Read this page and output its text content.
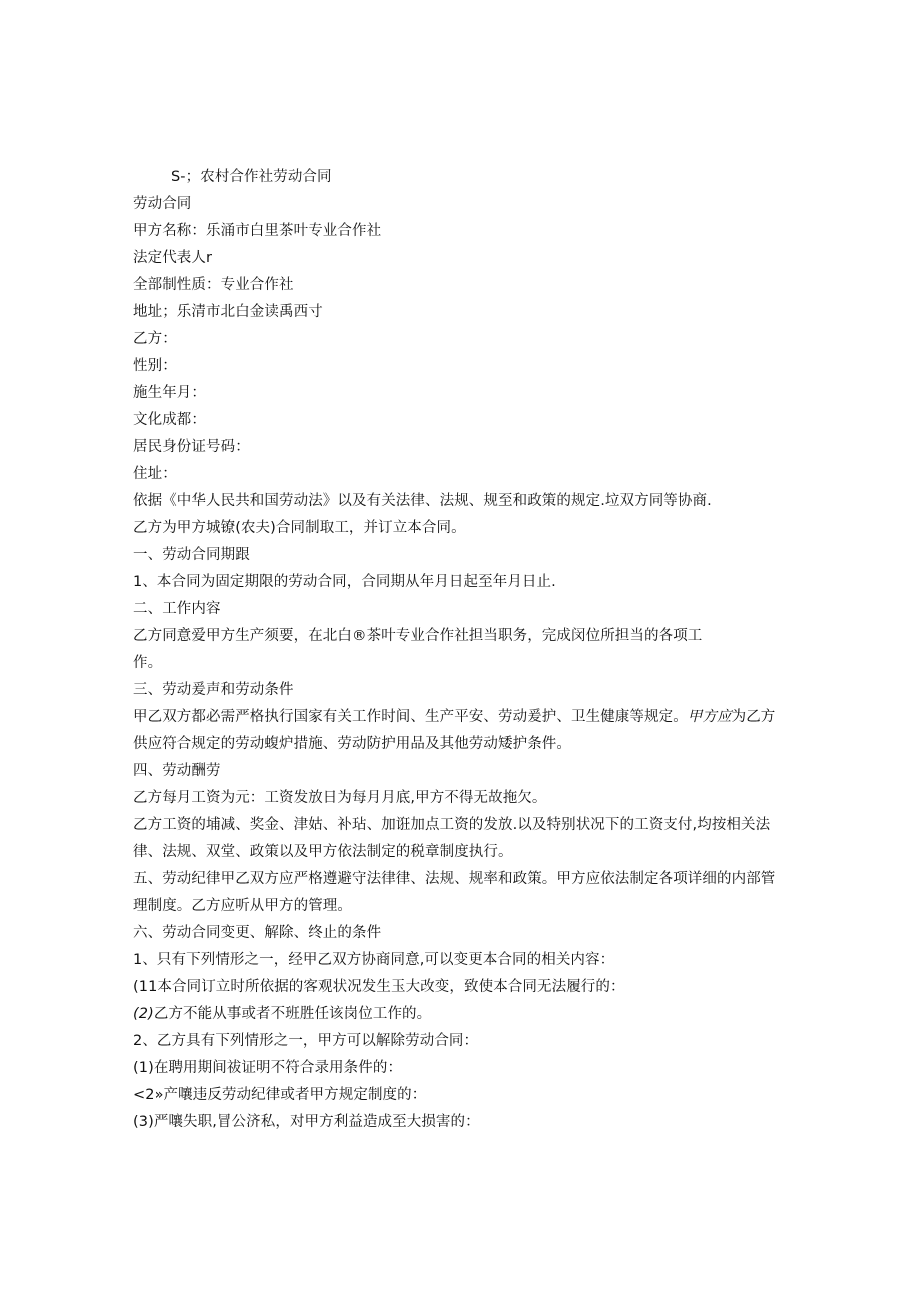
S-；农村合作社劳动合同
劳动合同
甲方名称：乐涌市白里茶叶专业合作社
法定代表人r
全部制性质：专业合作社
地址；乐清市北白金读禹西寸
乙方：
性别：
施生年月：
文化成都：
居民身份证号码：
住址：
依据《中华人民共和国劳动法》以及有关法律、法规、规至和政策的规定.垃双方同等协商.
乙方为甲方城镣(农夫)合同制取工，并订立本合同。
一、劳动合同期跟
1、本合同为固定期限的劳动合同，合同期从年月日起至年月日止.
二、工作内容
乙方同意爱甲方生产须要，在北白®茶叶专业合作社担当职务，完成闵位所担当的各项工
作。
三、劳动爰声和劳动条件
甲乙双方都必需严格执行国家有关工作时间、生产平安、劳动爰护、卫生健康等规定。甲方应为乙方
供应符合规定的劳动蝮炉措施、劳动防护用品及其他劳动矮护条件。
四、劳动酬劳
乙方每月工资为元：工资发放日为每月月底,甲方不得无故拖欠。
乙方工资的埔减、奖金、津姑、补玷、加诳加点工资的发放.以及特别状况下的工资支付,均按相关法
律、法规、双堂、政策以及甲方依法制定的税章制度执行。
五、劳动纪律甲乙双方应严格遵避守法律律、法规、规率和政策。甲方应依法制定各项详细的内部管
理制度。乙方应听从甲方的管理。
六、劳动合同变更、解除、终止的条件
1、只有下列情形之一，经甲乙双方协商同意,可以变更本合同的相关内容：
(11本合同订立时所依据的客观状况发生玉大改变，致使本合同无法履行的：
(2)乙方不能从事或者不班胜任该岗位工作的。
2、乙方具有下列情形之一，甲方可以解除劳动合同：
(1)在聘用期间祓证明不符合录用条件的：
<2»产嚷违反劳动纪律或者甲方规定制度的：
(3)严嚷失职,冒公济私，对甲方利益造成至大损害的：
